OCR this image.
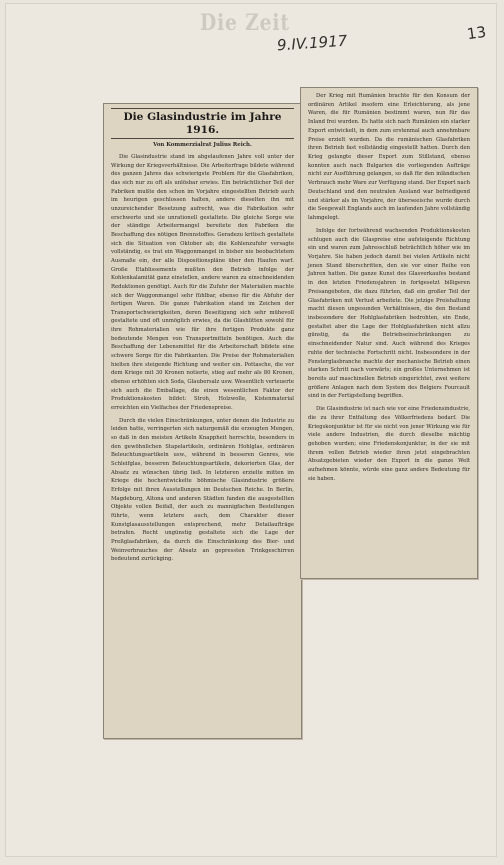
Die Zeit
9.IV.1917	13
Die Glasindustrie im Jahre 1916.
Von Kommerzialrat Julius Reich.

Die Glasindustrie stand im abgelaufenen Jahre voll unter der Wirkung der Kriegsverhältnisse. Die Arbeiterfrage bildete während des ganzen Jahres das schwierigste Problem für die Glasfabriken, das sich nur zu oft als unlösbar erwies. Ein beträchtlicher Teil der Fabriken mußte den schon im Vorjahre eingestellten Betrieb auch im heurigen geschlossen halten, andere dieselten ihn mit unzureichender Besetzung aufrecht, was die Fabrikation sehr erschwerte und sie unrationell gestaltete. Die gleiche Sorge wie der ständige Arbeitermangel bereitete den Fabriken die Beschaffung des nötigen Brennstoffes. Geradezu kritisch gestaltete sich die Situation von Oktober ab; die Kohlenzufuhr versagte vollständig, es trat ein Waggonmangel in bisher nie beobachtetem Ausmaße ein, der alle Dispositionspläne über den Haufen warf. Große Etablissements mußten den Betrieb infolge der Kohlenkalamität ganz einstellen, andere waren zu einschneidenden Reduktionen genötigt. Auch für die Zufuhr der Materialien machte sich der Waggonmangel sehr fühlbar, ebenso für die Abfuhr der fertigen Waren. Die ganze Fabrikation stand im Zeichen der Transportschwierigkeiten, deren Beseitigung sich sehr mühevoll gestaltete und oft unmöglich erwies, da die Glashütten sowohl für ihre Rohmaterialien wie für ihre fertigen Produkte ganz bedeutende Mengen von Transportmitteln benötigen. Auch die Beschaffung der Lebensmittel für die Arbeiterschaft bildete eine schwere Sorge für die Fabrikanten. Die Preise der Rohmaterialien hielten ihre steigende Richtung und weiter ein. Pottasche, die vor dem Kriege mit 30 Kronen notierte, stieg auf mehr als 80 Kronen, ebenso erhöhten sich Soda, Glaubersalz usw. Wesentlich verteuerte sich auch die Emballage, die einen wesentlichen Faktor der Produktionskosten bildet: Stroh, Holzwolle, Kistenmaterial erreichten ein Vielfaches der Friedenspreise.

Durch die vielen Einschränkungen, unter denen die Industrie zu leiden hatte, verringerten sich naturgemäß die erzeugten Mengen, so daß in den meisten Artikeln Knappheit herrschte, besonders in den gewöhnlichen Stapelartikeln, ordinären Hohlglas, ordinären Beleuchtungsartikeln usw., während in besseren Genres, wie Schleifglas, besseren Beleuchtungsartikeln, dekorierten Glas, der Absatz zu wünschen übrig ließ. In letzteren erzielte mitten im Kriege die hochentwickelte böhmische Glasindustrie größere Erfolge mit ihren Ausstellungen im Deutschen Reiche. In Berlin, Magdeburg, Altona und anderen Städten fanden die ausgestellten Objekte vollen Beifall, der auch zu mannigfachen Bestellungen führte, wenn letztere auch, dem Charakter dieser Kunstglasausstellungen entsprechend, mehr Detailaufträge betrafen. Recht ungünstig gestaltete sich die Lage der Preßglasfabriken, da durch die Einschränkung des Bier- und Weinverbrauches der Absatz an gepressten Trinkgeschirren bedeutend zurückging.

Der Krieg mit Rumänien brachte für den Konsum der ordinären Artikel insofern eine Erleichterung, als jene Waren, die für Rumänien bestimmt waren, nun für das Inland frei wurden. Es hatte sich nach Rumänien ein starker Export entwickelt, in dem zum erstenmal auch annehmbare Preise erzielt wurden. Da die rumänischen Glasfabriken ihren Betrieb fast vollständig eingestellt hatten. Durch den Krieg gelangte dieser Export zum Stillstand, ebenso konnten auch nach Bulgarien die vorliegenden Aufträge nicht zur Ausführung gelangen, so daß für den inländischen Verbrauch mehr Ware zur Verfügung stand. Der Export nach Deutschland und den neutralen Ausland war befriedigend und stärker als im Vorjahre, der überseeische wurde durch die Seegewalt Englands auch im laufenden Jahre vollständig lahmgelegt.

Infolge der fortwährend wachsenden Produktionskosten schlugen auch die Glaspreise eine aufsteigende Richtung ein und waren zum Jahresschluß beträchtlich höher wie im Vorjahre. Sie haben jedoch damit bei vielen Artikeln nicht jenen Stand überschritten, den sie vor einer Reihe von Jahren hatten. Die ganze Kunst des Glasverkaufes bestand in den letzten Friedensjahren in fortgesetzt billigeren Preisangeboten, die dazu führten, daß ein großer Teil der Glasfabriken mit Verlust arbeitete. Die jetzige Preishaltung macht diesen ungesunden Verhältnissen, die den Bestand insbesondere der Hohlglasfabriken bedrohten, ein Ende, gestaltet aber die Lage der Hohlglasfabriken nicht allzu günstig, da die Betriebseinschränkungen zu einschneidender Natur sind. Auch während des Krieges ruhte der technische Fortschritt nicht. Insbesondere in der Fensterglasbranche machte der mechanische Betrieb einen starken Schritt nach vorwärts; ein großes Unternehmen ist bereits auf maschinellen Betrieb eingerichtet, zwei weitere größere Anlagen nach dem System des Belgiers Fourcault sind in der Fertigstellung begriffen.

Die Glasindustrie ist nach wie vor eine Friedensindustrie, die zu ihrer Entfaltung des Völkerfriedens bedarf. Die Kriegskonjunktur ist für sie nicht von jener Wirkung wie für viele andere Industrien, die durch dieselbe mächtig gehoben wurden; eine Friedenskonjunktur, in der sie mit ihrem vollen Betrieb wieder ihren jetzt eingebrachten Absatzgebieten wieder den Export in die ganze Welt aufnehmen könnte, würde eine ganz andere Bedeutung für sie haben.
